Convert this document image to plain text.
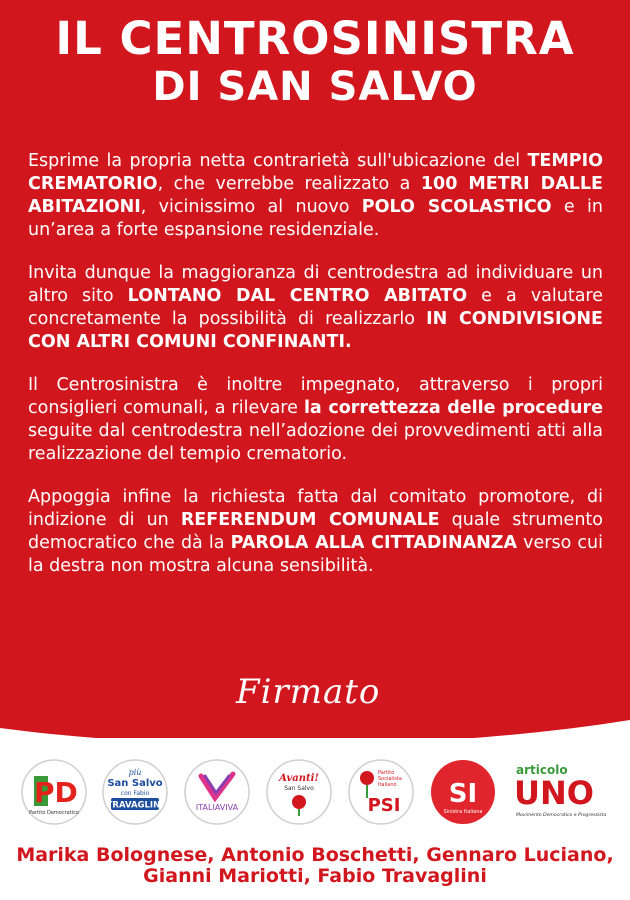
IL CENTROSINISTRA
DI SAN SALVO

Esprime la propria netta contrarietà sull'ubicazione del TEMPIO CREMATORIO, che verrebbe realizzato a 100 METRI DALLE ABITAZIONI, vicinissimo al nuovo POLO SCOLASTICO e in un’area a forte espansione residenziale.

Invita dunque la maggioranza di centrodestra ad individuare un altro sito LONTANO DAL CENTRO ABITATO e a valutare concretamente la possibilità di realizzarlo IN CONDIVISIONE CON ALTRI COMUNI CONFINANTI.

Il Centrosinistra è inoltre impegnato, attraverso i propri consiglieri comunali, a rilevare la correttezza delle procedure seguite dal centrodestra nell’adozione dei provvedimenti atti alla realizzazione del tempio crematorio.

Appoggia infine la richiesta fatta dal comitato promotore, di indizione di un REFERENDUM COMUNALE quale strumento democratico che dà la PAROLA ALLA CITTADINANZA verso cui la destra non mostra alcuna sensibilità.

Firmato
PD
Partito Democratico
più
San Salvo
con Fabio
TRAVAGLINI	ITALIAVIVA
Avanti!
San Salvo
Partito
Socialista
Italiano
PSI SI
Sinistra Italiana
articolo
UNO
Movimento Democratico e Progressista
Marika Bolognese, Antonio Boschetti, Gennaro Luciano,
Gianni Mariotti, Fabio Travaglini
